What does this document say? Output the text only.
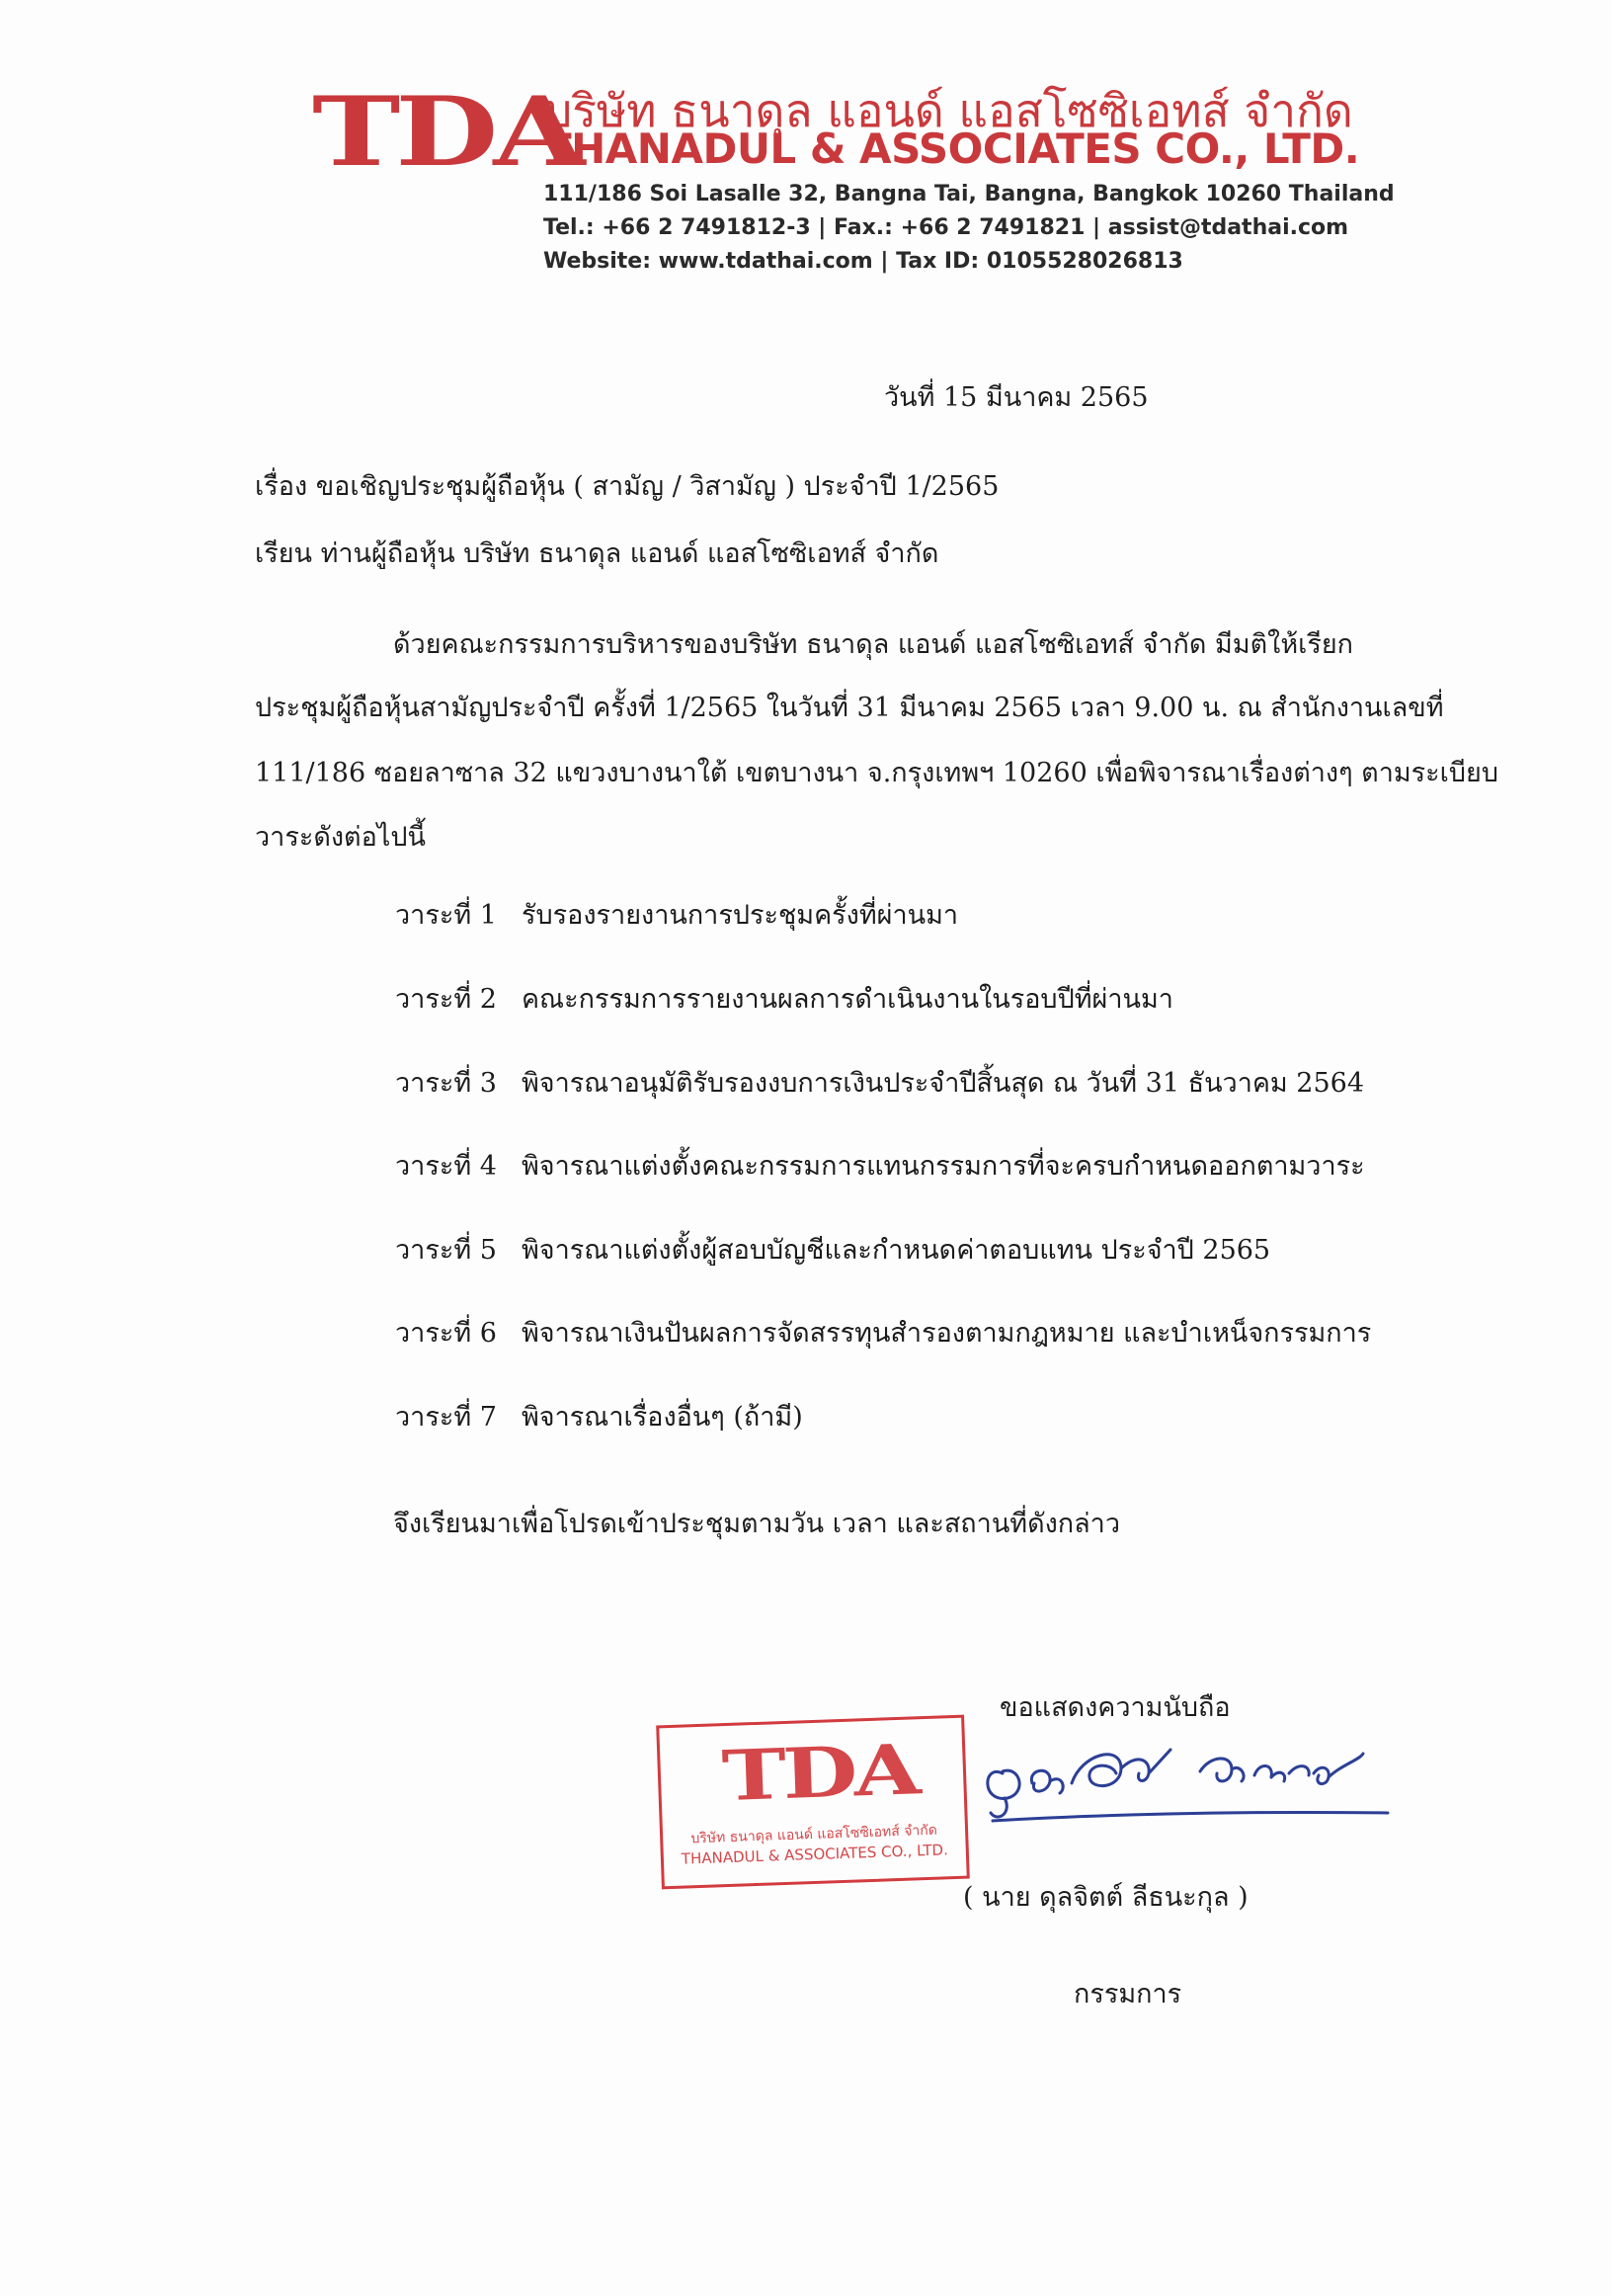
TDA
บริษัท ธนาดุล แอนด์ แอสโซซิเอทส์ จำกัด
THANADUL & ASSOCIATES CO., LTD.
111/186 Soi Lasalle 32, Bangna Tai, Bangna, Bangkok 10260 Thailand
Tel.: +66 2 7491812-3 | Fax.: +66 2 7491821 | assist@tdathai.com
Website: www.tdathai.com | Tax ID: 0105528026813
วันที่ 15 มีนาคม 2565
เรื่อง ขอเชิญประชุมผู้ถือหุ้น ( สามัญ / วิสามัญ ) ประจำปี 1/2565
เรียน ท่านผู้ถือหุ้น บริษัท ธนาดุล แอนด์ แอสโซซิเอทส์ จำกัด
ด้วยคณะกรรมการบริหารของบริษัท ธนาดุล แอนด์ แอสโซซิเอทส์ จำกัด มีมติให้เรียก
ประชุมผู้ถือหุ้นสามัญประจำปี ครั้งที่ 1/2565 ในวันที่ 31 มีนาคม 2565 เวลา 9.00 น. ณ สำนักงานเลขที่
111/186 ซอยลาซาล 32 แขวงบางนาใต้ เขตบางนา จ.กรุงเทพฯ 10260 เพื่อพิจารณาเรื่องต่างๆ ตามระเบียบ
วาระดังต่อไปนี้
วาระที่ 1 รับรองรายงานการประชุมครั้งที่ผ่านมา
วาระที่ 2 คณะกรรมการรายงานผลการดำเนินงานในรอบปีที่ผ่านมา
วาระที่ 3 พิจารณาอนุมัติรับรองงบการเงินประจำปีสิ้นสุด ณ วันที่ 31 ธันวาคม 2564
วาระที่ 4 พิจารณาแต่งตั้งคณะกรรมการแทนกรรมการที่จะครบกำหนดออกตามวาระ
วาระที่ 5 พิจารณาแต่งตั้งผู้สอบบัญชีและกำหนดค่าตอบแทน ประจำปี 2565
วาระที่ 6 พิจารณาเงินปันผลการจัดสรรทุนสำรองตามกฎหมาย และบำเหน็จกรรมการ
วาระที่ 7 พิจารณาเรื่องอื่นๆ (ถ้ามี)
จึงเรียนมาเพื่อโปรดเข้าประชุมตามวัน เวลา และสถานที่ดังกล่าว
ขอแสดงความนับถือ
TDA
บริษัท ธนาดุล แอนด์ แอสโซซิเอทส์ จำกัด
THANADUL & ASSOCIATES CO., LTD.
( นาย ดุลจิตต์ ลีธนะกุล )
กรรมการ
